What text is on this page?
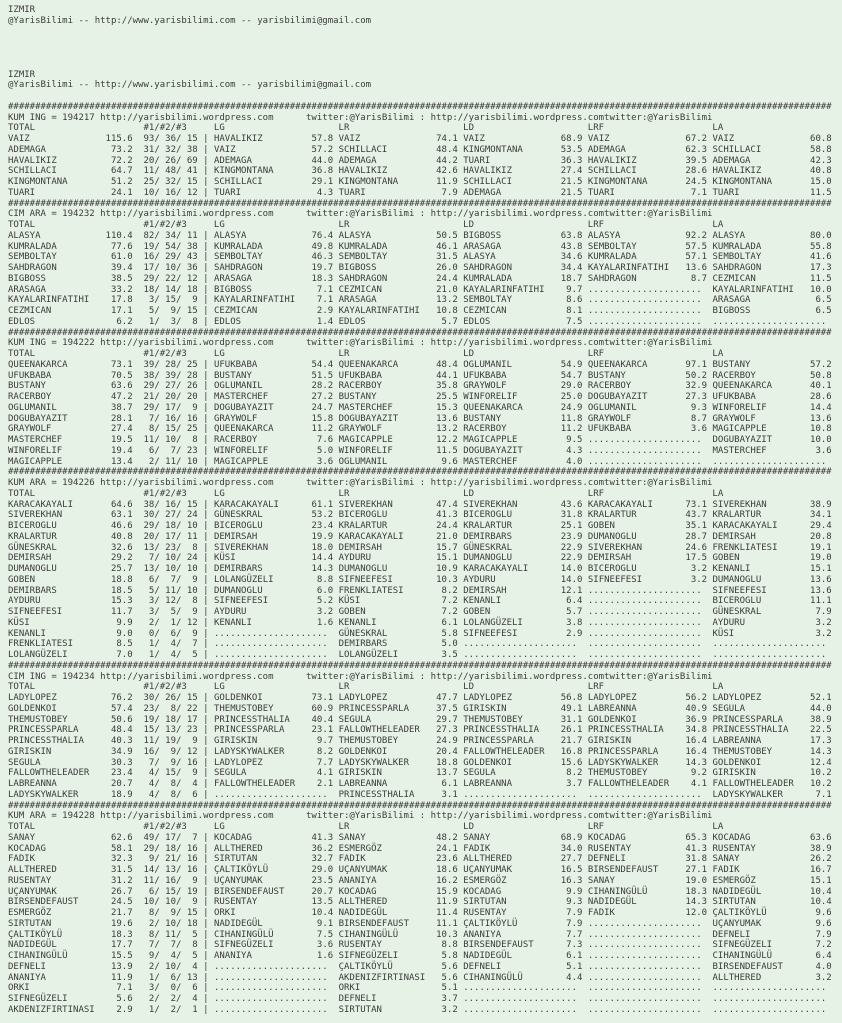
IZMIR
@YarisBilimi -- http://www.yarisbilimi.com -- yarisbilimi@gmail.com
IZMIR
@YarisBilimi -- http://www.yarisbilimi.com -- yarisbilimi@gmail.com
########################################################################################################################################################
KUM ING = 194217 http://yarisbilimi.wordpress.com      twitter:@YarisBilimi : http://yarisbilimi.wordpress.comtwitter:@YarisBilimi
TOTAL                    #1/#2/#3     LG                     LR                     LD                     LRF                    LA
VAIZ              115.6 93/ 36/ 15 | HAVALIKIZ         57.8 VAIZ              74.1 VAIZ              68.9 VAIZ              67.2 VAIZ              60.8
ADEMAGA            73.2 31/ 32/ 38 | VAIZ              57.2 SCHILLACI         48.4 KINGMONTANA       53.5 ADEMAGA           62.3 SCHILLACI         58.8
HAVALIKIZ          72.2 20/ 26/ 69 | ADEMAGA           44.0 ADEMAGA           44.2 TUARI             36.3 HAVALIKIZ         39.5 ADEMAGA           42.3
SCHILLACI          64.7 11/ 48/ 41 | KINGMONTANA       36.8 HAVALIKIZ         42.6 HAVALIKIZ         27.4 SCHILLACI         28.6 HAVALIKIZ         40.8
KINGMONTANA        51.2 25/ 32/ 15 | SCHILLACI         29.1 KINGMONTANA       11.9 SCHILLACI         21.5 KINGMONTANA       24.5 KINGMONTANA       15.0
TUARI              24.1 10/ 16/ 12 | TUARI              4.3 TUARI              7.9 ADEMAGA           21.5 TUARI              7.1 TUARI             11.5
########################################################################################################################################################
CIM ARA = 194232 http://yarisbilimi.wordpress.com      twitter:@YarisBilimi : http://yarisbilimi.wordpress.comtwitter:@YarisBilimi
TOTAL                    #1/#2/#3     LG                     LR                     LD                     LRF                    LA
ALASYA            110.4 82/ 34/ 11 | ALASYA            76.4 ALASYA            50.5 BIGBOSS           63.8 ALASYA            92.2 ALASYA            80.0
KUMRALADA          77.6 19/ 54/ 38 | KUMRALADA         49.8 KUMRALADA         46.1 ARASAGA           43.8 SEMBOLTAY         57.5 KUMRALADA         55.8
SEMBOLTAY          61.0 16/ 29/ 43 | SEMBOLTAY         46.3 SEMBOLTAY         31.5 ALASYA            34.6 KUMRALADA         57.1 SEMBOLTAY         41.6
SAHDRAGON          39.4 17/ 10/ 36 | SAHDRAGON         19.7 BIGBOSS           26.0 SAHDRAGON         34.4 KAYALARINFATIHI   13.6 SAHDRAGON         17.3
BIGBOSS            38.5 29/ 22/ 12 | ARASAGA           18.3 SAHDRAGON         24.4 KUMRALADA         18.7 SAHDRAGON          8.7 CEZMICAN          11.5
ARASAGA            33.2 18/ 14/ 18 | BIGBOSS            7.1 CEZMICAN          21.0 KAYALARINFATIHI    9.7 .....................  KAYALARINFATIHI   10.0
KAYALARINFATIHI    17.8   3/ 15/  9 | KAYALARINFATIHI    7.1 ARASAGA           13.2 SEMBOLTAY          8.6 .....................  ARASAGA            6.5
CEZMICAN           17.1   5/  9/ 15 | CEZMICAN           2.9 KAYALARINFATIHI   10.8 CEZMICAN           8.1 .....................  BIGBOSS            6.5
EDLOS               6.2   1/  3/  8 | EDLOS              1.4 EDLOS              5.7 EDLOS              7.5 .....................  .....................
########################################################################################################################################################
KUM ING = 194222 http://yarisbilimi.wordpress.com      twitter:@YarisBilimi : http://yarisbilimi.wordpress.comtwitter:@YarisBilimi
TOTAL                    #1/#2/#3     LG                     LR                     LD                     LRF                    LA
QUEENAKARCA        73.1 39/ 28/ 25 | UFUKBABA          54.4 QUEENAKARCA       48.4 OGLUMANIL         54.9 QUEENAKARCA       97.1 BUSTANY           57.2
UFUKBABA           70.5 38/ 39/ 28 | BUSTANY           51.5 UFUKBABA          44.1 UFUKBABA          54.7 BUSTANY           50.2 RACERBOY          50.8
BUSTANY            63.6 29/ 27/ 26 | OGLUMANIL         28.2 RACERBOY          35.8 GRAYWOLF          29.0 RACERBOY          32.9 QUEENAKARCA       40.1
RACERBOY           47.2 21/ 20/ 20 | MASTERCHEF        27.2 BUSTANY           25.5 WINFORELIF        25.0 DOGUBAYAZIT       27.3 UFUKBABA          28.6
OGLUMANIL          38.7 29/ 17/  9 | DOGUBAYAZIT       24.7 MASTERCHEF        15.3 QUEENAKARCA       24.9 OGLUMANIL          9.3 WINFORELIF        14.4
DOGUBAYAZIT        28.1   7/ 16/ 16 | GRAYWOLF          15.8 DOGUBAYAZIT       13.6 BUSTANY           11.8 GRAYWOLF           8.7 GRAYWOLF          13.6
GRAYWOLF           27.4   8/ 15/ 25 | QUEENAKARCA       11.2 GRAYWOLF          13.2 RACERBOY          11.2 UFUKBABA           3.6 MAGICAPPLE        10.8
MASTERCHEF         19.5 11/ 10/  8 | RACERBOY           7.6 MAGICAPPLE        12.2 MAGICAPPLE         9.5 .....................  DOGUBAYAZIT       10.0
WINFORELIF         19.4   6/  7/ 23 | WINFORELIF         5.0 WINFORELIF        11.5 DOGUBAYAZIT        4.3 .....................  MASTERCHEF         3.6
MAGICAPPLE         13.4   2/ 11/ 10 | MAGICAPPLE         3.6 OGLUMANIL          9.6 MASTERCHEF         4.0 .....................  .....................
########################################################################################################################################################
KUM ARA = 194226 http://yarisbilimi.wordpress.com      twitter:@YarisBilimi : http://yarisbilimi.wordpress.comtwitter:@YarisBilimi
TOTAL                    #1/#2/#3     LG                     LR                     LD                     LRF                    LA
KARACAKAYALI       64.6 38/ 16/ 15 | KARACAKAYALI      61.1 SIVEREKHAN        47.4 SIVEREKHAN        43.6 KARACAKAYALI      73.1 SIVEREKHAN        38.9
SIVEREKHAN         63.1 30/ 27/ 24 | GÜNESKRAL         53.2 BICEROGLU         41.3 BICEROGLU         31.8 KRALARTUR         43.7 KRALARTUR         34.1
BICEROGLU          46.6 29/ 18/ 10 | BICEROGLU         23.4 KRALARTUR         24.4 KRALARTUR         25.1 GOBEN             35.1 KARACAKAYALI      29.4
KRALARTUR          40.8 20/ 17/ 11 | DEMIRSAH          19.9 KARACAKAYALI      21.0 DEMIRBARS         23.9 DUMANOGLU         28.7 DEMIRSAH          20.8
GÜNESKRAL          32.6 13/ 23/  8 | SIVEREKHAN        18.0 DEMIRSAH          15.7 GÜNESKRAL         22.9 SIVEREKHAN        24.6 FRENKLIATESI      19.1
DEMIRSAH           29.2   7/ 10/ 24 | KÜSI              14.4 AYDURU            15.1 DUMANOGLU         22.9 DEMIRSAH          17.5 GOBEN             19.0
DUMANOGLU          25.7 13/ 10/ 10 | DEMIRBARS         14.3 DUMANOGLU         10.9 KARACAKAYALI      14.0 BICEROGLU          3.2 KENANLI           15.1
GOBEN              18.8   6/  7/  9 | LOLANGÜZELI        8.8 SIFNEEFESI        10.3 AYDURU            14.0 SIFNEEFESI         3.2 DUMANOGLU         13.6
DEMIRBARS          18.5   5/ 11/ 10 | DUMANOGLU          6.0 FRENKLIATESI       8.2 DEMIRSAH          12.1 .....................  SIFNEEFESI        13.6
AYDURU             15.3   3/ 12/  8 | SIFNEEFESI         5.2 KÜSI               7.2 KENANLI            6.4 .....................  BICEROGLU         11.1
SIFNEEFESI         11.7   3/  5/  9 | AYDURU             3.2 GOBEN              7.2 GOBEN              5.7 .....................  GÜNESKRAL          7.9
KÜSI                9.9   2/  1/ 12 | KENANLI            1.6 KENANLI            6.1 LOLANGÜZELI        3.8 .....................  AYDURU             3.2
KENANLI             9.0   0/  6/  9 | .....................  GÜNESKRAL          5.8 SIFNEEFESI         2.9 .....................  KÜSI               3.2
FRENKLIATESI        8.5   1/  4/  7 | .....................  DEMIRBARS          5.0 .....................  .....................  .....................
LOLANGÜZELI         7.0   1/  4/  5 | .....................  LOLANGÜZELI        3.5 .....................  .....................  .....................
########################################################################################################################################################
CIM ING = 194234 http://yarisbilimi.wordpress.com      twitter:@YarisBilimi : http://yarisbilimi.wordpress.comtwitter:@YarisBilimi
TOTAL                    #1/#2/#3     LG                     LR                     LD                     LRF                    LA
LADYLOPEZ          76.2 30/ 26/ 15 | GOLDENKOI         73.1 LADYLOPEZ         47.7 LADYLOPEZ         56.8 LADYLOPEZ         56.2 LADYLOPEZ         52.1
GOLDENKOI          57.4 23/  8/ 22 | THEMUSTOBEY       60.9 PRINCESSPARLA     37.5 GIRISKIN          49.1 LABREANNA         40.9 SEGULA            44.0
THEMUSTOBEY        50.6 19/ 18/ 17 | PRINCESSTHALIA    40.4 SEGULA            29.7 THEMUSTOBEY       31.1 GOLDENKOI         36.9 PRINCESSPARLA     38.9
PRINCESSPARLA      48.4 15/ 13/ 23 | PRINCESSPARLA     23.1 FALLOWTHELEADER   27.3 PRINCESSTHALIA    26.1 PRINCESSTHALIA    34.8 PRINCESSTHALIA    22.5
PRINCESSTHALIA     40.3 11/ 19/  9 | GIRISKIN           9.7 THEMUSTOBEY       24.9 PRINCESSPARLA     21.7 GIRISKIN          16.4 LABREANNA         17.3
GIRISKIN           34.9 16/  9/ 12 | LADYSKYWALKER      8.2 GOLDENKOI         20.4 FALLOWTHELEADER   16.8 PRINCESSPARLA     16.4 THEMUSTOBEY       14.3
SEGULA             30.3   7/  9/ 16 | LADYLOPEZ          7.7 LADYSKYWALKER     18.8 GOLDENKOI         15.6 LADYSKYWALKER     14.3 GOLDENKOI         12.4
FALLOWTHELEADER    23.4   4/ 15/  9 | SEGULA             4.1 GIRISKIN          13.7 SEGULA             8.2 THEMUSTOBEY        9.2 GIRISKIN          10.2
LABREANNA          20.7   4/  8/  4 | FALLOWTHELEADER    2.1 LABREANNA          6.1 LABREANNA          3.7 FALLOWTHELEADER    4.1 FALLOWTHELEADER   10.2
LADYSKYWALKER      18.9   4/  8/  6 | .....................  PRINCESSTHALIA     3.1 .....................  .....................  LADYSKYWALKER      7.1
########################################################################################################################################################
KUM ARA = 194228 http://yarisbilimi.wordpress.com      twitter:@YarisBilimi : http://yarisbilimi.wordpress.comtwitter:@YarisBilimi
TOTAL                    #1/#2/#3     LG                     LR                     LD                     LRF                    LA
SANAY              62.6 49/ 17/  7 | KOCADAG           41.3 SANAY             48.2 SANAY             68.9 KOCADAG           65.3 KOCADAG           63.6
KOCADAG            58.1 29/ 18/ 16 | ALLTHERED         36.2 ESMERGÖZ          24.1 FADIK             34.0 RUSENTAY          41.3 RUSENTAY          38.9
FADIK              32.3   9/ 21/ 16 | SIRTUTAN          32.7 FADIK             23.6 ALLTHERED         27.7 DEFNELI           31.8 SANAY             26.2
ALLTHERED          31.5 14/ 13/ 16 | ÇALTIKÖYLÜ        29.0 UÇANYUMAK         18.6 UÇANYUMAK         16.5 BIRSENDEFAUST     27.1 FADIK             16.7
RUSENTAY           31.2 11/ 16/  9 | UÇANYUMAK         23.5 ANANIYA           16.2 ESMERGÖZ          16.3 SANAY             19.0 ESMERGÖZ          15.1
UÇANYUMAK          26.7   6/ 15/ 19 | BIRSENDEFAUST     20.7 KOCADAG           15.9 KOCADAG            9.9 CIHANINGÜLÜ       18.3 NADIDEGÜL         10.4
BIRSENDEFAUST      24.5 10/ 10/  9 | RUSENTAY          13.5 ALLTHERED         11.9 SIRTUTAN           9.3 NADIDEGÜL         14.3 SIRTUTAN          10.4
ESMERGÖZ           21.7   8/  9/ 15 | ORKI              10.4 NADIDEGÜL         11.4 RUSENTAY           7.9 FADIK             12.0 ÇALTIKÖYLÜ         9.6
SIRTUTAN           19.6   2/ 10/ 18 | NADIDEGÜL          9.1 BIRSENDEFAUST     11.1 ÇALTIKÖYLÜ         7.9 .....................  UÇANYUMAK          9.6
ÇALTIKÖYLÜ         18.3   8/ 11/  5 | CIHANINGÜLÜ        7.5 CIHANINGÜLÜ       10.3 ANANIYA            7.7 .....................  DEFNELI            7.9
NADIDEGÜL          17.7   7/  7/  8 | SIFNEGÜZELI        3.6 RUSENTAY           8.8 BIRSENDEFAUST      7.3 .....................  SIFNEGÜZELI        7.2
CIHANINGÜLÜ        15.5   9/  4/  5 | ANANIYA            1.6 SIFNEGÜZELI        5.8 NADIDEGÜL          6.1 .....................  CIHANINGÜLÜ        6.4
DEFNELI            13.9   2/ 10/  4 | .....................  ÇALTIKÖYLÜ         5.6 DEFNELI            5.1 .....................  BIRSENDEFAUST      4.0
ANANIYA            11.9   1/  6/ 13 | .....................  AKDENIZFIRTINASI   5.6 CIHANINGÜLÜ        4.4 .....................  ALLTHERED          3.2
ORKI                7.1   3/  0/  6 | .....................  ORKI               5.1 .....................  .....................  .....................
SIFNEGÜZELI         5.6   2/  2/  4 | .....................  DEFNELI            3.7 .....................  .....................  .....................
AKDENIZFIRTINASI    2.9   1/  2/  1 | .....................  SIRTUTAN           3.2 .....................  .....................  .....................
